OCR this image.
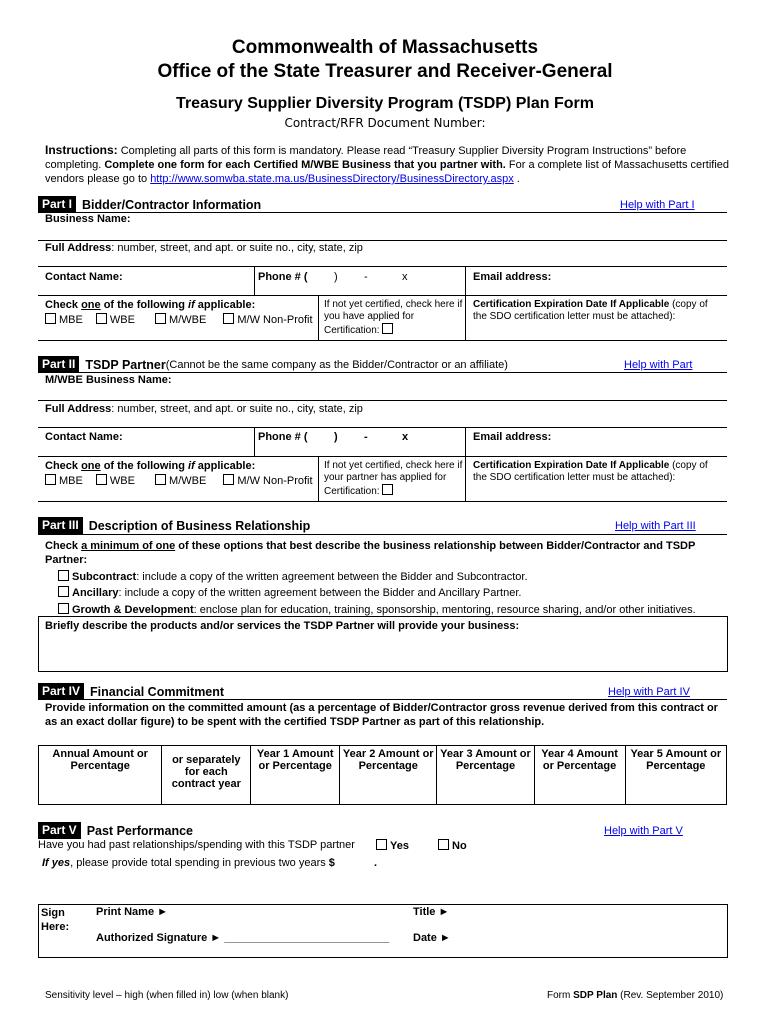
Commonwealth of Massachusetts
Office of the State Treasurer and Receiver-General
Treasury Supplier Diversity Program (TSDP) Plan Form
Contract/RFR Document Number:
Instructions: Completing all parts of this form is mandatory. Please read “Treasury Supplier Diversity Program Instructions” before completing. Complete one form for each Certified M/WBE Business that you partner with. For a complete list of Massachusetts certified vendors please go to http://www.somwba.state.ma.us/BusinessDirectory/BusinessDirectory.aspx .
Part I Bidder/Contractor Information	Help with Part I
Business Name:
Full Address: number, street, and apt. or suite no., city, state, zip
Contact Name:	Phone # ( ) -	x	Email address:
Check one of the following if applicable:
MBE WBE	M/WBE	M/W Non-Profit
If not yet certified, check here if you have applied for Certification:
Certification Expiration Date If Applicable (copy of the SDO certification letter must be attached):
Part II TSDP Partner (Cannot be the same company as the Bidder/Contractor or an affiliate)	Help with Part
M/WBE Business Name:
Full Address: number, street, and apt. or suite no., city, state, zip
Contact Name:	Phone # ( ) -	x	Email address:
Check one of the following if applicable:
MBE WBE	M/WBE	M/W Non-Profit
If not yet certified, check here if your partner has applied for Certification:
Certification Expiration Date If Applicable (copy of the SDO certification letter must be attached):
Part III Description of Business Relationship	Help with Part III
Check a minimum of one of these options that best describe the business relationship between Bidder/Contractor and TSDP Partner:
Subcontract: include a copy of the written agreement between the Bidder and Subcontractor.
Ancillary: include a copy of the written agreement between the Bidder and Ancillary Partner.
Growth & Development: enclose plan for education, training, sponsorship, mentoring, resource sharing, and/or other initiatives.
Briefly describe the products and/or services the TSDP Partner will provide your business:
Part IV Financial Commitment	Help with Part IV
Provide information on the committed amount (as a percentage of Bidder/Contractor gross revenue derived from this contract or as an exact dollar figure) to be spent with the certified TSDP Partner as part of this relationship.
Annual Amount or Percentage	or separately for each contract year	Year 1 Amount or Percentage	Year 2 Amount or Percentage	Year 3 Amount or Percentage	Year 4 Amount or Percentage	Year 5 Amount or Percentage
Part V Past Performance	Help with Part V
Have you had past relationships/spending with this TSDP partner	Yes	No
If yes, please provide total spending in previous two years $	.
Sign Here:
Print Name ►	Title ►
Authorized Signature ► ___________________________ Date ►
Sensitivity level – high (when filled in) low (when blank)	Form SDP Plan (Rev. September 2010)
